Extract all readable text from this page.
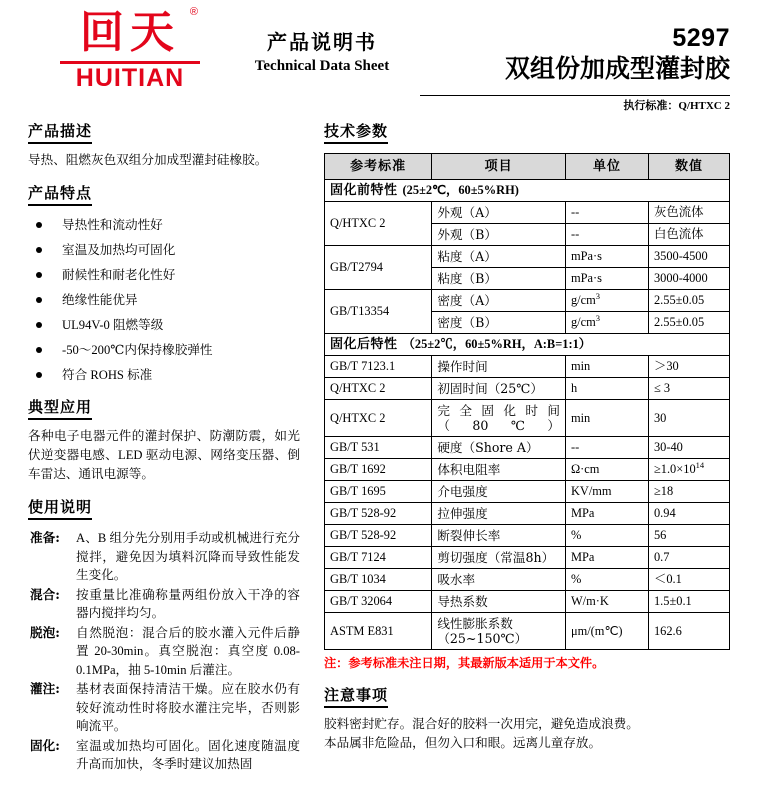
回天 ®
HUITIAN
产品说明书
Technical Data Sheet
5297
双组份加成型灌封胶
执行标准：Q/HTXC 2
产品描述

导热、阻燃灰色双组分加成型灌封硅橡胶。

产品特点
导热性和流动性好
室温及加热均可固化
耐候性和耐老化性好
绝缘性能优异
UL94V-0 阻燃等级
-50～200℃内保持橡胶弹性
符合 ROHS 标准
典型应用

各种电子电器元件的灌封保护、防潮防震，如光伏逆变器电感、LED 驱动电源、网络变压器、倒车雷达、通讯电源等。

使用说明
准备:	A、B 组分先分别用手动或机械进行充分搅拌，避免因为填料沉降而导致性能发生变化。
混合:	按重量比准确称量两组份放入干净的容器内搅拌均匀。
脱泡:	自然脱泡：混合后的胶水灌入元件后静置 20-30min。真空脱泡：真空度 0.08-0.1MPa，抽 5-10min 后灌注。
灌注:	基材表面保持清洁干燥。应在胶水仍有较好流动性时将胶水灌注完毕，否则影响流平。
固化:	室温或加热均可固化。固化速度随温度升高而加快，冬季时建议加热固
技术参数
参考标准	项目	单位	数值
固化前特性 (25±2℃，60±5%RH)			
Q/HTXC 2	外观（A）	--	灰色流体
	外观（B）	--	白色流体
GB/T2794	粘度（A）	mPa·s	3500-4500
	粘度（B）	mPa·s	3000-4000
GB/T13354	密度（A）	$g/cm^3$	2.55±0.05
	密度（B）	$g/cm^3$	2.55±0.05
固化后特性 （25±2℃，60±5%RH，A:B=1:1）			
GB/T 7123.1	操作时间	min	＞30
Q/HTXC 2	初固时间（25℃）	h	≤ 3
Q/HTXC 2	完全固化时间（80℃）	min	30
GB/T 531	硬度（Shore A）	--	30-40
GB/T 1692	体积电阻率	Ω·cm	$\ge 1.0\times 10^{14}$
GB/T 1695	介电强度	KV/mm	≥18
GB/T 528-92	拉伸强度	MPa	0.94
GB/T 528-92	断裂伸长率	%	56
GB/T 7124	剪切强度（常温8h）	MPa	0.7
GB/T 1034	吸水率	%	＜0.1
GB/T 32064	导热系数	W/m·K	1.5±0.1
ASTM E831	线性膨胀系数（25~150℃）	μm/(m℃)	162.6

注：参考标准未注日期，其最新版本适用于本文件。

注意事项

胶料密封贮存。混合好的胶料一次用完，避免造成浪费。

本品属非危险品，但勿入口和眼。远离儿童存放。
